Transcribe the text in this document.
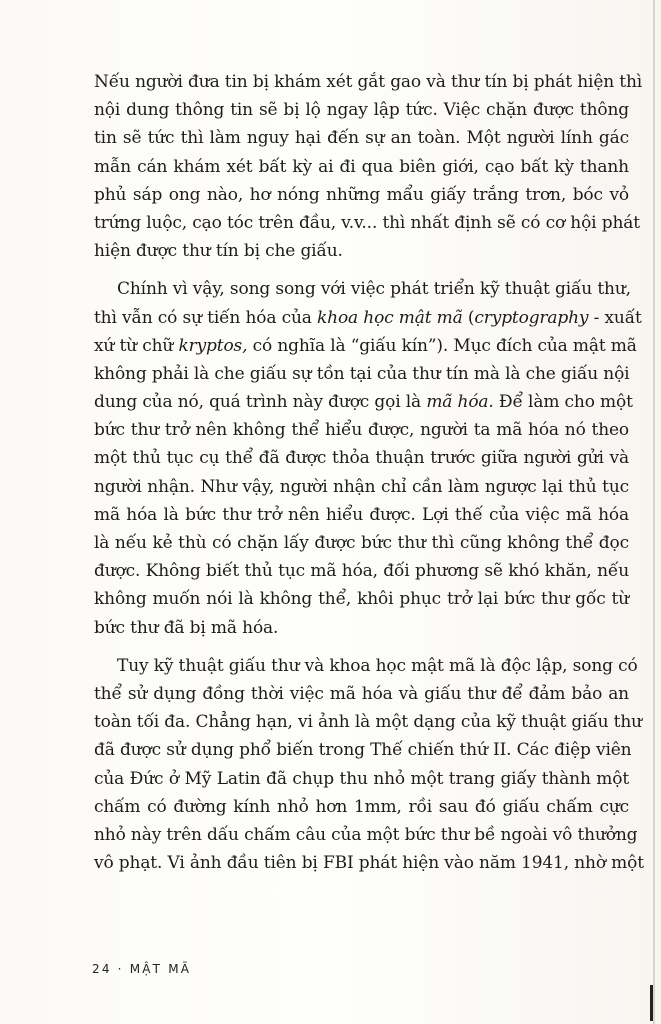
Nếu người đưa tin bị khám xét gắt gao và thư tín bị phát hiện thì
nội dung thông tin sẽ bị lộ ngay lập tức. Việc chặn được thông
tin sẽ tức thì làm nguy hại đến sự an toàn. Một người lính gác
mẫn cán khám xét bất kỳ ai đi qua biên giới, cạo bất kỳ thanh
phủ sáp ong nào, hơ nóng những mẩu giấy trắng trơn, bóc vỏ
trứng luộc, cạo tóc trên đầu, v.v... thì nhất định sẽ có cơ hội phát
hiện được thư tín bị che giấu.
Chính vì vậy, song song với việc phát triển kỹ thuật giấu thư,
thì vẫn có sự tiến hóa của khoa học mật mã (cryptography - xuất
xứ từ chữ kryptos, có nghĩa là “giấu kín”). Mục đích của mật mã
không phải là che giấu sự tồn tại của thư tín mà là che giấu nội
dung của nó, quá trình này được gọi là mã hóa. Để làm cho một
bức thư trở nên không thể hiểu được, người ta mã hóa nó theo
một thủ tục cụ thể đã được thỏa thuận trước giữa người gửi và
người nhận. Như vậy, người nhận chỉ cần làm ngược lại thủ tục
mã hóa là bức thư trở nên hiểu được. Lợi thế của việc mã hóa
là nếu kẻ thù có chặn lấy được bức thư thì cũng không thể đọc
được. Không biết thủ tục mã hóa, đối phương sẽ khó khăn, nếu
không muốn nói là không thể, khôi phục trở lại bức thư gốc từ
bức thư đã bị mã hóa.
Tuy kỹ thuật giấu thư và khoa học mật mã là độc lập, song có
thể sử dụng đồng thời việc mã hóa và giấu thư để đảm bảo an
toàn tối đa. Chẳng hạn, vi ảnh là một dạng của kỹ thuật giấu thư
đã được sử dụng phổ biến trong Thế chiến thứ II. Các điệp viên
của Đức ở Mỹ Latin đã chụp thu nhỏ một trang giấy thành một
chấm có đường kính nhỏ hơn 1mm, rồi sau đó giấu chấm cực
nhỏ này trên dấu chấm câu của một bức thư bề ngoài vô thưởng
vô phạt. Vi ảnh đầu tiên bị FBI phát hiện vào năm 1941, nhờ một
24 · MẬT MÃ
